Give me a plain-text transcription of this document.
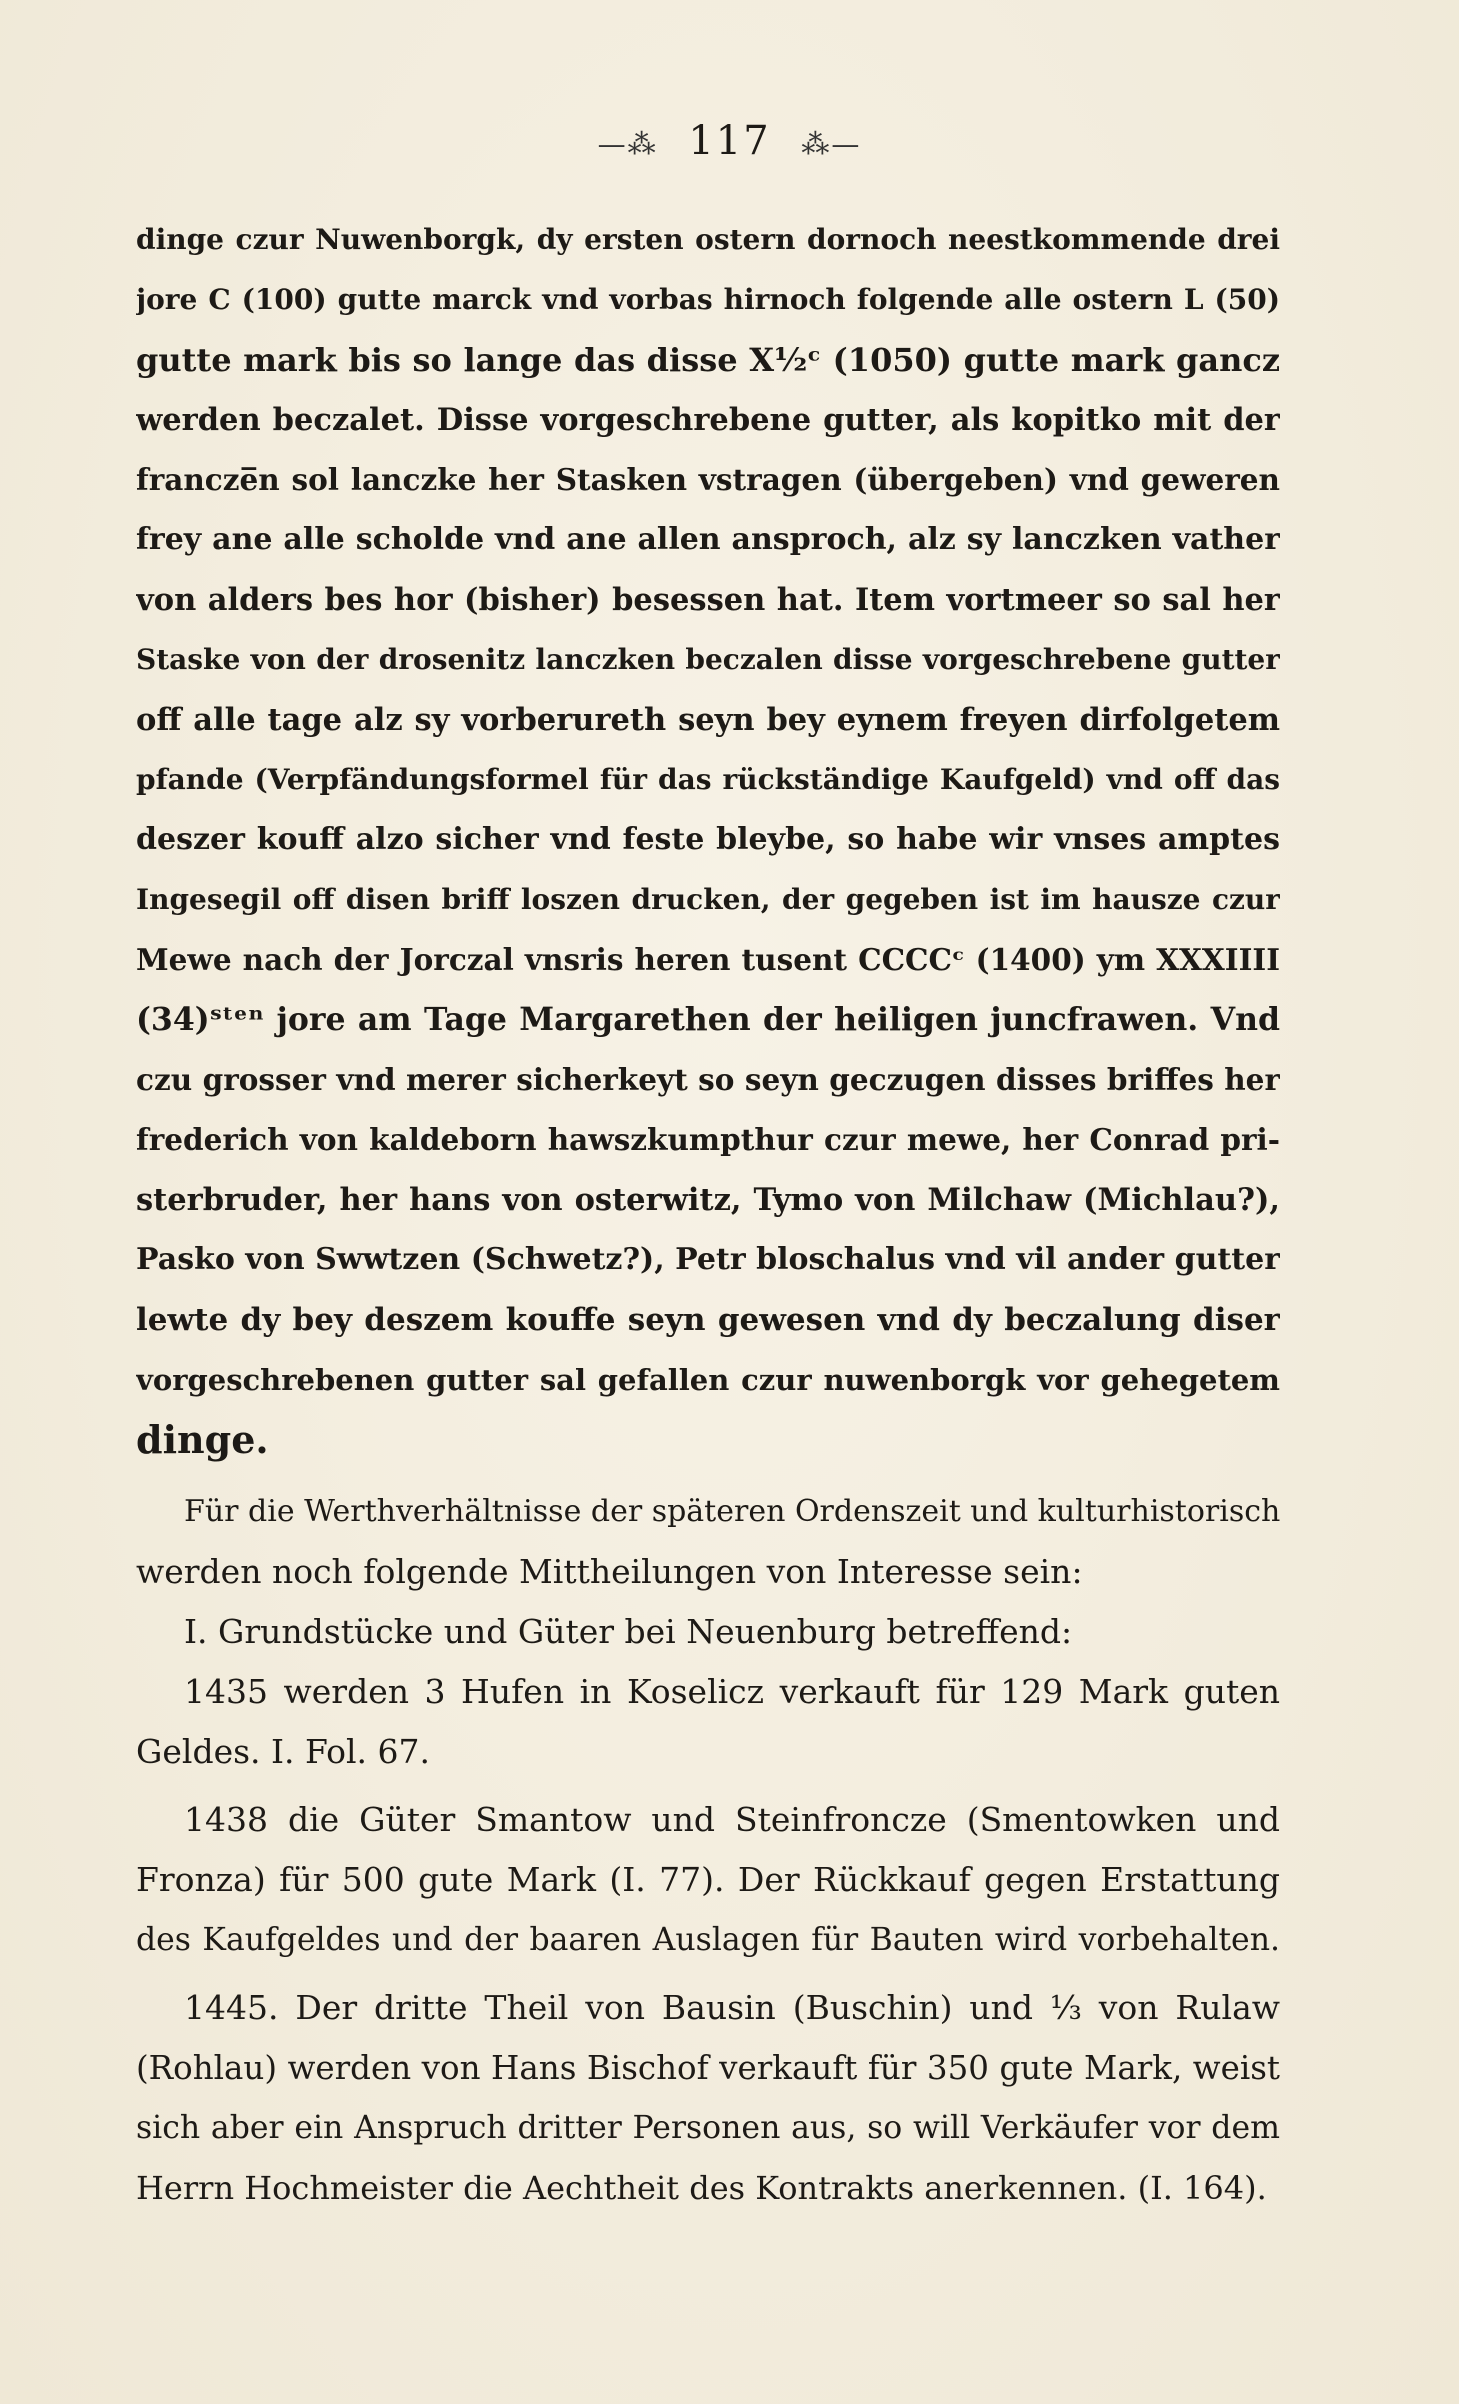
—⁂ 117 ⁂—
dinge czur Nuwenborgk, dy ersten ostern dornoch neestkommende drei
jore C (100) gutte marck vnd vorbas hirnoch folgende alle ostern L (50)
gutte mark bis so lange das disse X½ᶜ (1050) gutte mark gancz
werden beczalet. Disse vorgeschrebene gutter, als kopitko mit der
francze̅n sol lanczke her Stasken vstragen (übergeben) vnd geweren
frey ane alle scholde vnd ane allen ansproch, alz sy lanczken vather
von alders bes hor (bisher) besessen hat. Item vortmeer so sal her
Staske von der drosenitz lanczken beczalen disse vorgeschrebene gutter
off alle tage alz sy vorberureth seyn bey eynem freyen dirfolgetem
pfande (Verpfändungsformel für das rückständige Kaufgeld) vnd off das
deszer kouff alzo sicher vnd feste bleybe, so habe wir vnses amptes
Ingesegil off disen briff loszen drucken, der gegeben ist im hausze czur
Mewe nach der Jorczal vnsris heren tusent CCCCᶜ (1400) ym XXXIIII
(34)ˢᵗᵉⁿ jore am Tage Margarethen der heiligen juncfrawen. Vnd
czu grosser vnd merer sicherkeyt so seyn geczugen disses briffes her
frederich von kaldeborn hawszkumpthur czur mewe, her Conrad pri-
sterbruder, her hans von osterwitz, Tymo von Milchaw (Michlau?),
Pasko von Swwtzen (Schwetz?), Petr bloschalus vnd vil ander gutter
lewte dy bey deszem kouffe seyn gewesen vnd dy beczalung diser
vorgeschrebenen gutter sal gefallen czur nuwenborgk vor gehegetem
dinge.
Für die Werthverhältnisse der späteren Ordenszeit und kulturhistorisch
werden noch folgende Mittheilungen von Interesse sein:
I. Grundstücke und Güter bei Neuenburg betreffend:
1435 werden 3 Hufen in Koselicz verkauft für 129 Mark guten
Geldes. I. Fol. 67.
1438 die Güter Smantow und Steinfroncze (Smentowken und
Fronza) für 500 gute Mark (I. 77). Der Rückkauf gegen Erstattung
des Kaufgeldes und der baaren Auslagen für Bauten wird vorbehalten.
1445. Der dritte Theil von Bausin (Buschin) und ⅓ von Rulaw
(Rohlau) werden von Hans Bischof verkauft für 350 gute Mark, weist
sich aber ein Anspruch dritter Personen aus, so will Verkäufer vor dem
Herrn Hochmeister die Aechtheit des Kontrakts anerkennen. (I. 164).
